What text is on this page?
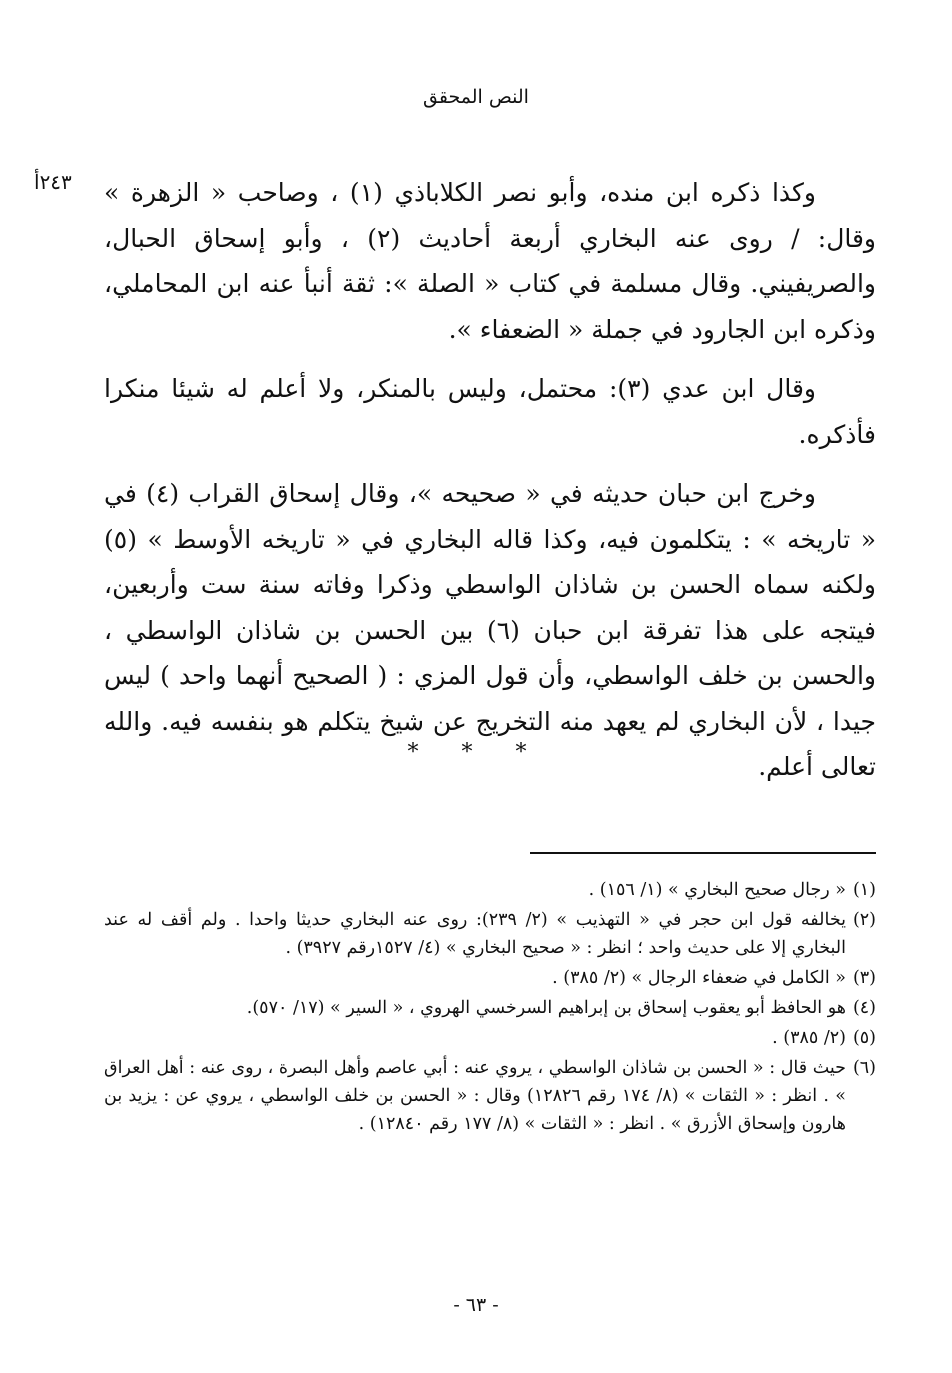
النص المحقق
٢٤٣أ وكذا ذكره ابن منده، وأبو نصر الكلاباذي (١) ، وصاحب « الزهرة » وقال: / روى عنه البخاري أربعة أحاديث (٢) ، وأبو إسحاق الحبال، والصريفيني. وقال مسلمة في كتاب « الصلة »: ثقة أنبأ عنه ابن المحاملي، وذكره ابن الجارود في جملة « الضعفاء ».

وقال ابن عدي (٣): محتمل، وليس بالمنكر، ولا أعلم له شيئا منكرا فأذكره.

وخرج ابن حبان حديثه في « صحيحه »، وقال إسحاق القراب (٤) في « تاريخه » : يتكلمون فيه، وكذا قاله البخاري في « تاريخه الأوسط » (٥) ولكنه سماه الحسن بن شاذان الواسطي وذكرا وفاته سنة ست وأربعين، فيتجه على هذا تفرقة ابن حبان (٦) بين الحسن بن شاذان الواسطي ، والحسن بن خلف الواسطي، وأن قول المزي : ( الصحيح أنهما واحد ) ليس جيدا ، لأن البخاري لم يعهد منه التخريج عن شيخ يتكلم هو بنفسه فيه. والله تعالى أعلم.

* * *
(١)
« رجال صحيح البخاري » (١/ ١٥٦) .
(٢)
يخالفه قول ابن حجر في « التهذيب » (٢/ ٢٣٩): روى عنه البخاري حديثا واحدا . ولم أقف له عند البخاري إلا على حديث واحد ؛ انظر : « صحيح البخاري » (٤/ ١٥٢٧رقم ٣٩٢٧) .
(٣)
« الكامل في ضعفاء الرجال » (٢/ ٣٨٥) .
(٤)
هو الحافظ أبو يعقوب إسحاق بن إبراهيم السرخسي الهروي ، « السير » (١٧/ ٥٧٠).
(٥)
(٢/ ٣٨٥) .
(٦)
حيث قال : « الحسن بن شاذان الواسطي ، يروي عنه : أبي عاصم وأهل البصرة ، روى عنه : أهل العراق » . انظر : « الثقات » (٨/ ١٧٤ رقم ١٢٨٢٦) وقال : « الحسن بن خلف الواسطي ، يروي عن : يزيد بن هارون وإسحاق الأزرق » . انظر : « الثقات » (٨/ ١٧٧ رقم ١٢٨٤٠) .
- ٦٣ -
